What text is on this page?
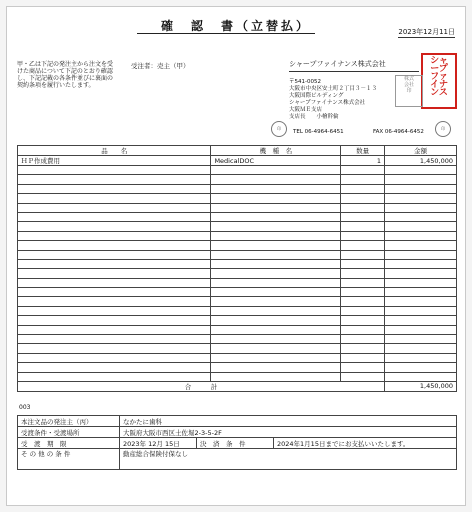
確　認　書（立替払）	2023年12月11日
甲・乙は下記の発注主から注文を受けた商品について下記のとおり確認し、下記記載の各条件並びに裏面の契約条項を履行いたします。
受注者：売主（甲）	シャープファイナンス株式会社	シャ
ープ
ファ
イナ
ンス
株式
会社
印
〒541-0052
大阪市中央区安土町２丁目３－１３
大阪国際ビルディング
シャープファイナンス株式会社
大阪ＭＥ支店
支店長　　小檜幹倫
TEL 06-4964-6451	FAX 06-4964-6452
印	印
品　　名	機　種　名	数量	金額
ＨＰ作成費用	MedicalDOC	1	1,450,000

合　　　計			1,450,000
003
本注文品の発注主（丙）	なかたに歯科		
受渡条件・受渡場所	大阪府大阪市西区土佐堀2-3-5-2F		
受　渡　期　限	2023年 12月 15日	決　済　条　件	2024年1月15日までにお支払いいたします。
そ の 他 の 条 件	動産総合保険付保なし		
